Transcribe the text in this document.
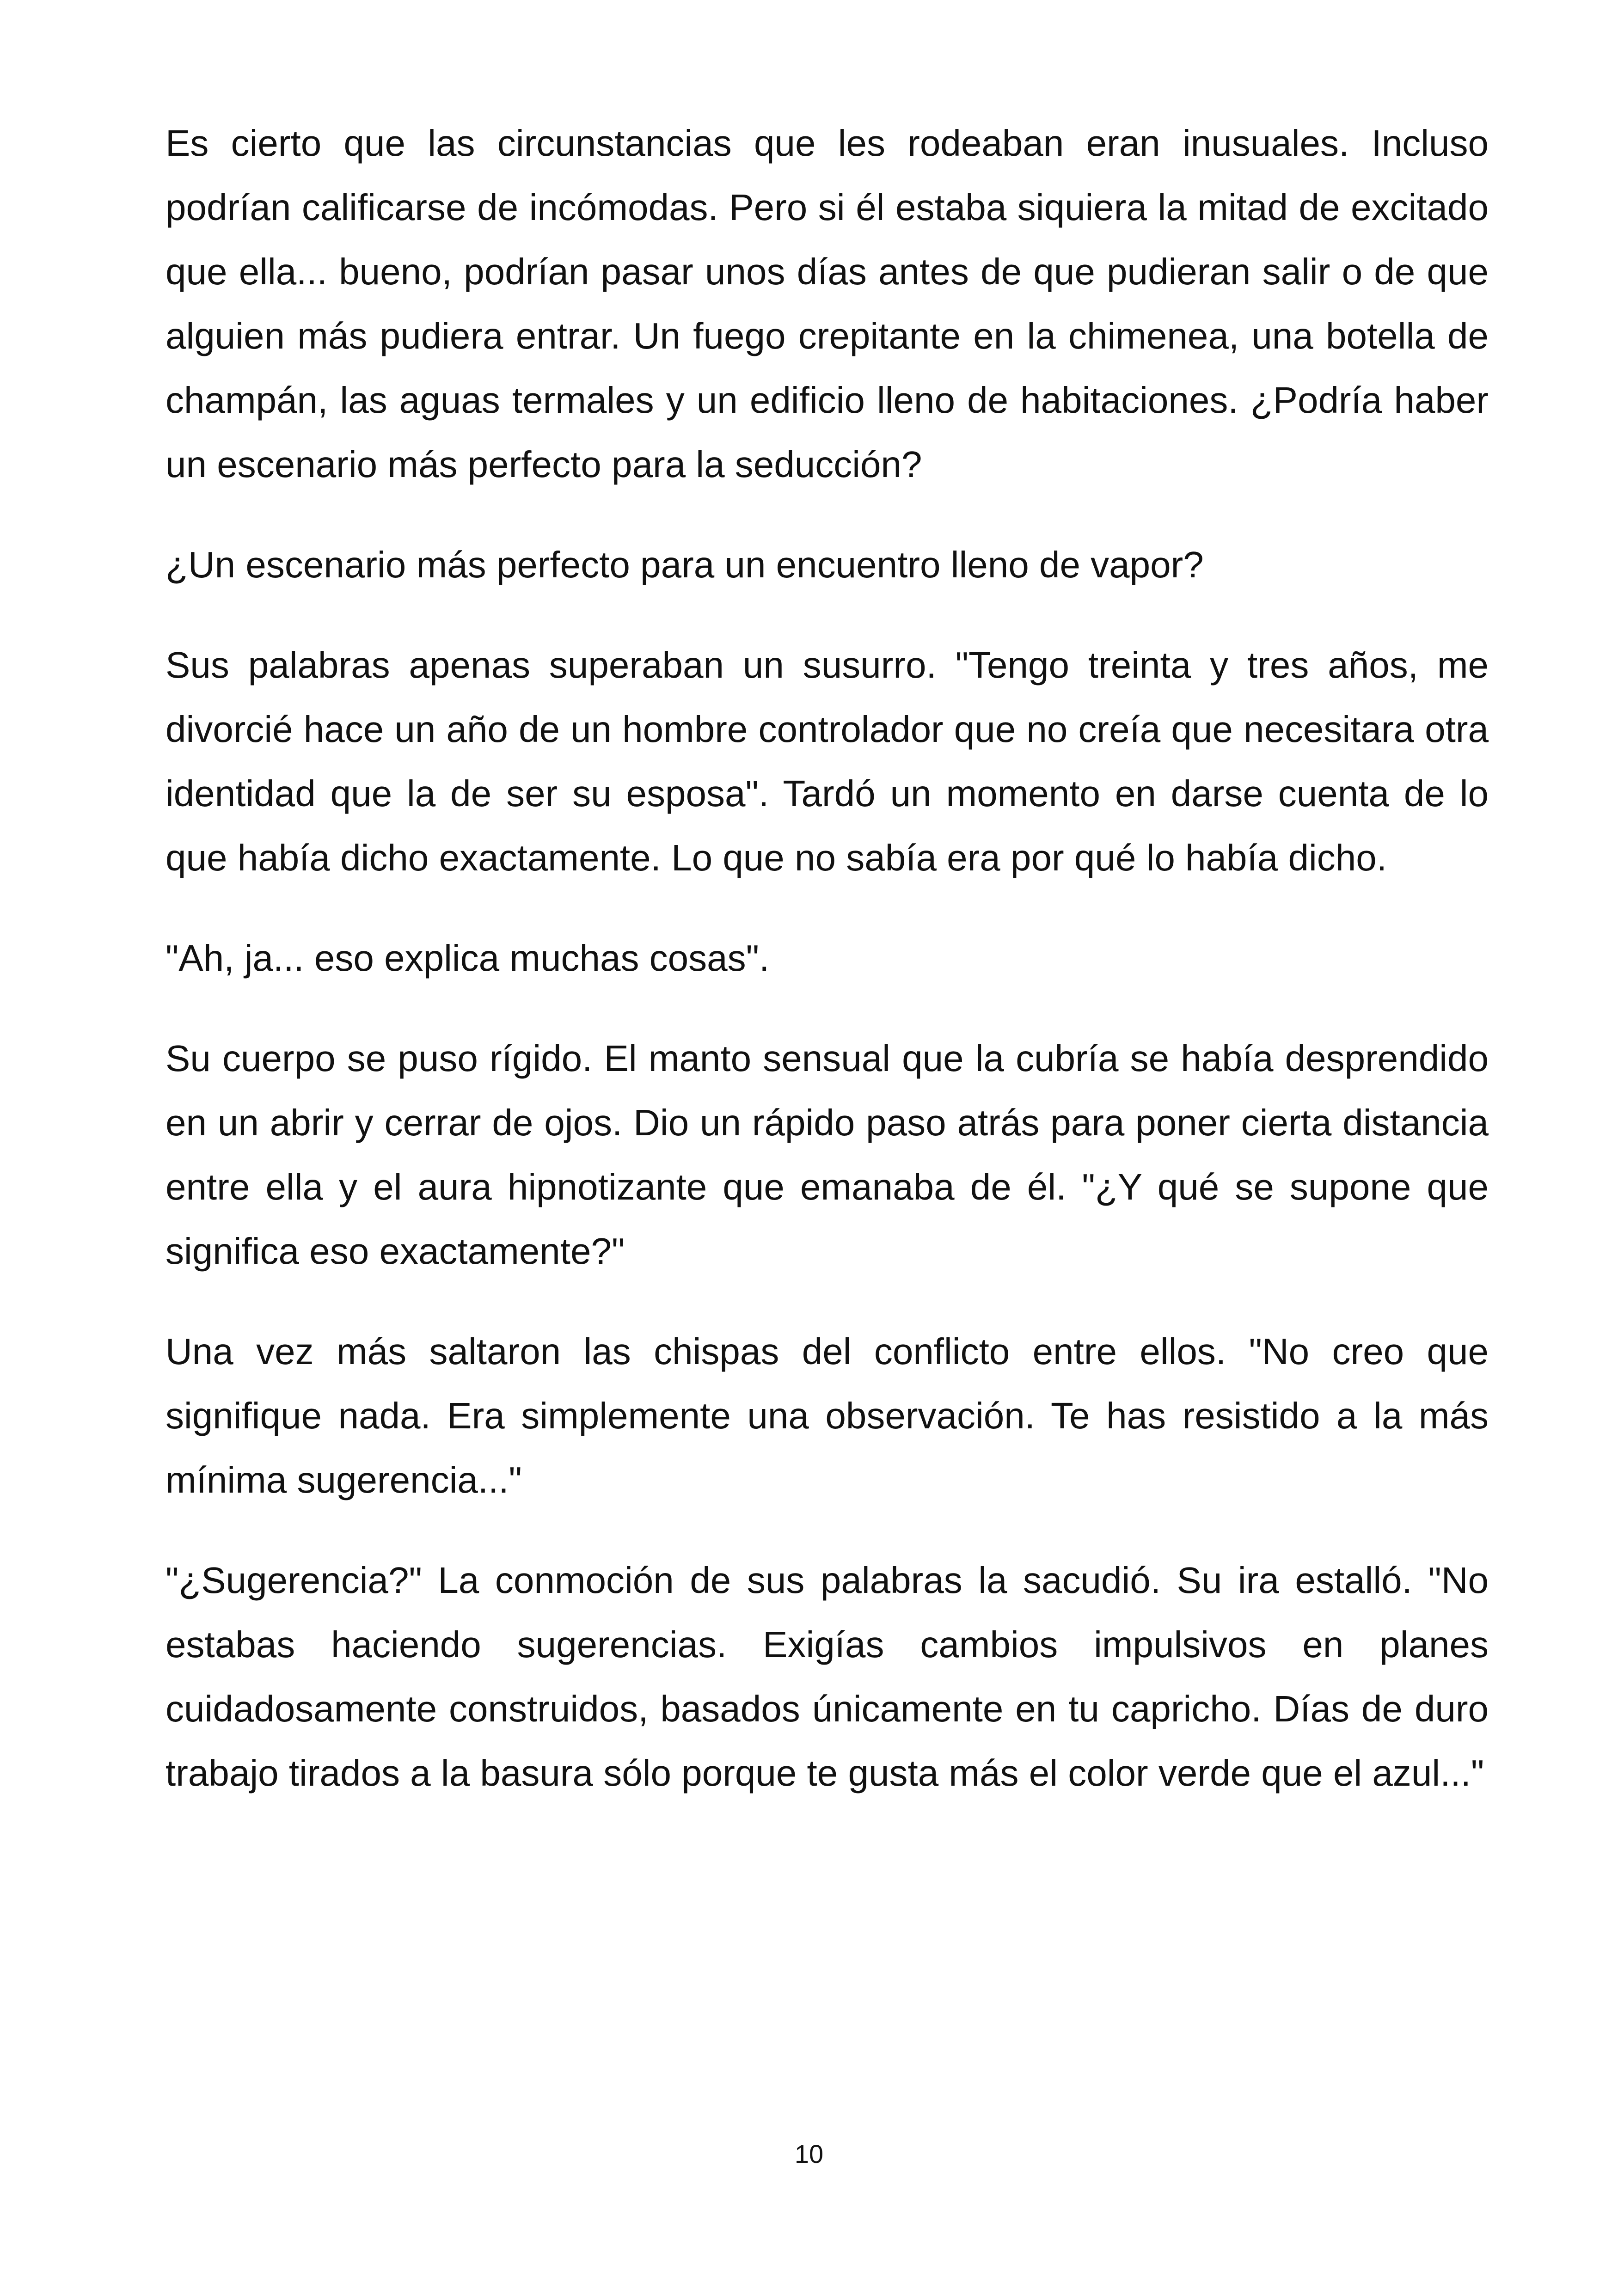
Es cierto que las circunstancias que les rodeaban eran inusuales. Incluso podrían calificarse de incómodas. Pero si él estaba siquiera la mitad de excitado que ella... bueno, podrían pasar unos días antes de que pudieran salir o de que alguien más pudiera entrar. Un fuego crepitante en la chimenea, una botella de champán, las aguas termales y un edificio lleno de habitaciones. ¿Podría haber un escenario más perfecto para la seducción?

¿Un escenario más perfecto para un encuentro lleno de vapor?

Sus palabras apenas superaban un susurro. "Tengo treinta y tres años, me divorcié hace un año de un hombre controlador que no creía que necesitara otra identidad que la de ser su esposa". Tardó un momento en darse cuenta de lo que había dicho exactamente. Lo que no sabía era por qué lo había dicho.

"Ah, ja... eso explica muchas cosas".

Su cuerpo se puso rígido. El manto sensual que la cubría se había desprendido en un abrir y cerrar de ojos. Dio un rápido paso atrás para poner cierta distancia entre ella y el aura hipnotizante que emanaba de él. "¿Y qué se supone que significa eso exactamente?"

Una vez más saltaron las chispas del conflicto entre ellos. "No creo que signifique nada. Era simplemente una observación. Te has resistido a la más mínima sugerencia..."

"¿Sugerencia?" La conmoción de sus palabras la sacudió. Su ira estalló. "No estabas haciendo sugerencias. Exigías cambios impulsivos en planes cuidadosamente construidos, basados únicamente en tu capricho. Días de duro trabajo tirados a la basura sólo porque te gusta más el color verde que el azul..."

10
